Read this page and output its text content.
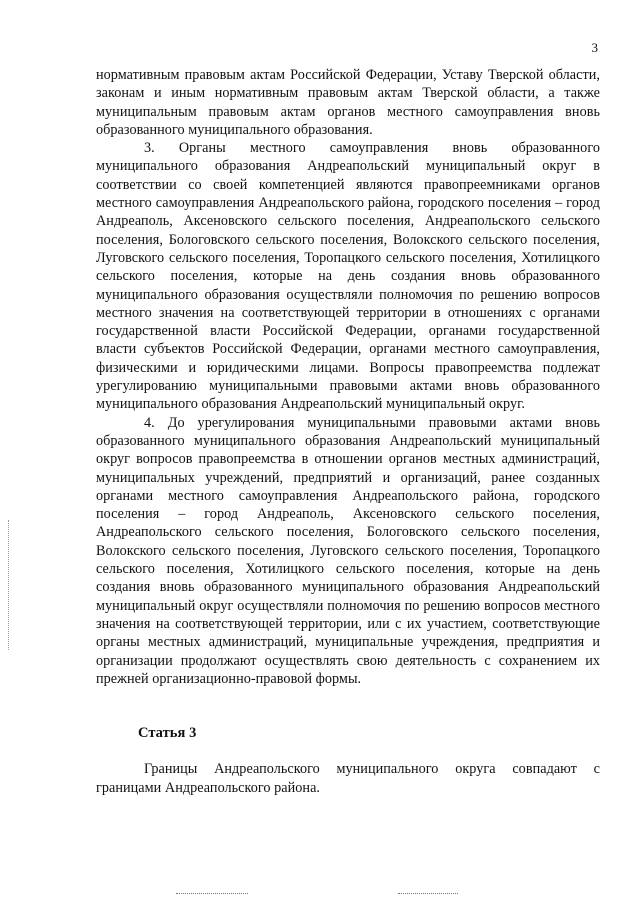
3

нормативным правовым актам Российской Федерации, Уставу Тверской области, законам и иным нормативным правовым актам Тверской области, а также муниципальным правовым актам органов местного самоуправления вновь образованного муниципального образования.

3. Органы местного самоуправления вновь образованного муниципального образования Андреапольский муниципальный округ в соответствии со своей компетенцией являются правопреемниками органов местного самоуправления Андреапольского района, городского поселения – город Андреаполь, Аксеновского сельского поселения, Андреапольского сельского поселения, Бологовского сельского поселения, Волокского сельского поселения, Луговского сельского поселения, Торопацкого сельского поселения, Хотилицкого сельского поселения, которые на день создания вновь образованного муниципального образования осуществляли полномочия по решению вопросов местного значения на соответствующей территории в отношениях с органами государственной власти Российской Федерации, органами государственной власти субъектов Российской Федерации, органами местного самоуправления, физическими и юридическими лицами. Вопросы правопреемства подлежат урегулированию муниципальными правовыми актами вновь образованного муниципального образования Андреапольский муниципальный округ.

4. До урегулирования муниципальными правовыми актами вновь образованного муниципального образования Андреапольский муниципальный округ вопросов правопреемства в отношении органов местных администраций, муниципальных учреждений, предприятий и организаций, ранее созданных органами местного самоуправления Андреапольского района, городского поселения – город Андреаполь, Аксеновского сельского поселения, Андреапольского сельского поселения, Бологовского сельского поселения, Волокского сельского поселения, Луговского сельского поселения, Торопацкого сельского поселения, Хотилицкого сельского поселения, которые на день создания вновь образованного муниципального образования Андреапольский муниципальный округ осуществляли полномочия по решению вопросов местного значения на соответствующей территории, или с их участием, соответствующие органы местных администраций, муниципальные учреждения, предприятия и организации продолжают осуществлять свою деятельность с сохранением их прежней организационно-правовой формы.

Статья 3

Границы Андреапольского муниципального округа совпадают с границами Андреапольского района.
